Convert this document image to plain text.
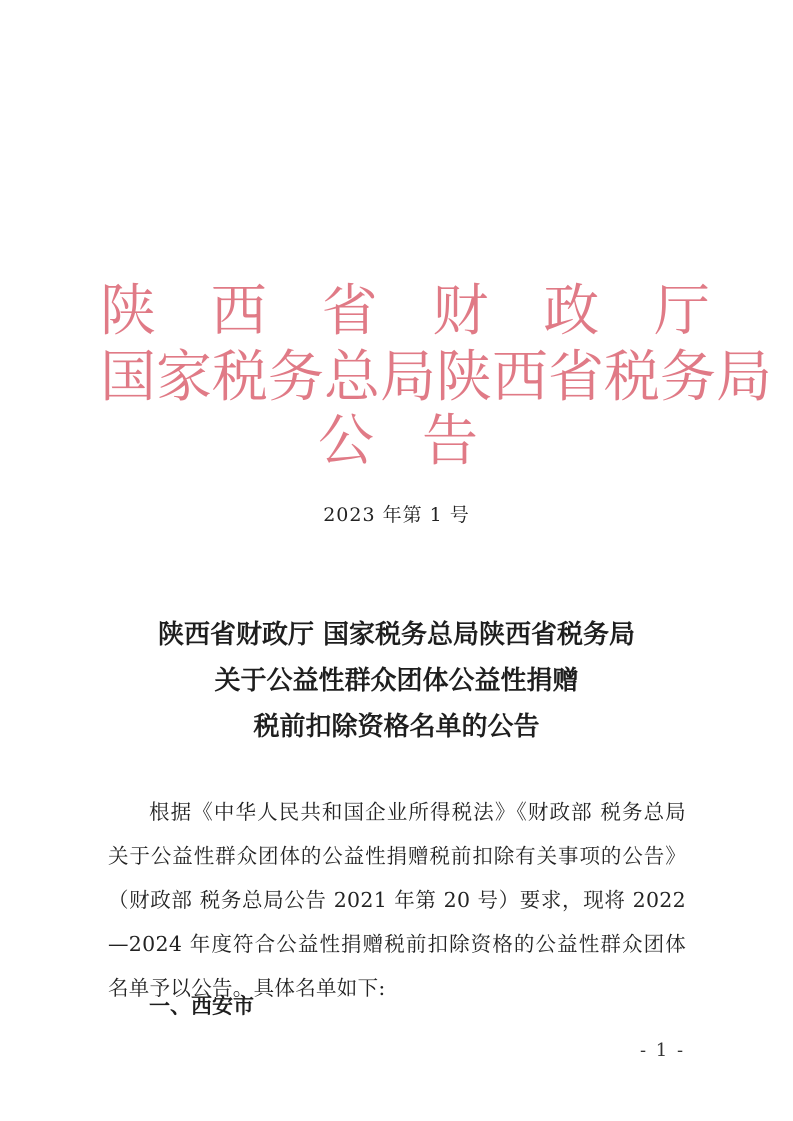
陕 西 省 财 政 厅
国 家 税 务 总 局 陕 西 省 税 务 局
公 告
2023 年第 1 号
陕西省财政厅 国家税务总局陕西省税务局
关于公益性群众团体公益性捐赠
税前扣除资格名单的公告
根据《中华人民共和国企业所得税法》《财政部 税务总局关于公益性群众团体的公益性捐赠税前扣除有关事项的公告》（财政部 税务总局公告 2021 年第 20 号）要求，现将 2022—2024 年度符合公益性捐赠税前扣除资格的公益性群众团体名单予以公告。具体名单如下:
一、西安市
- 1 -
